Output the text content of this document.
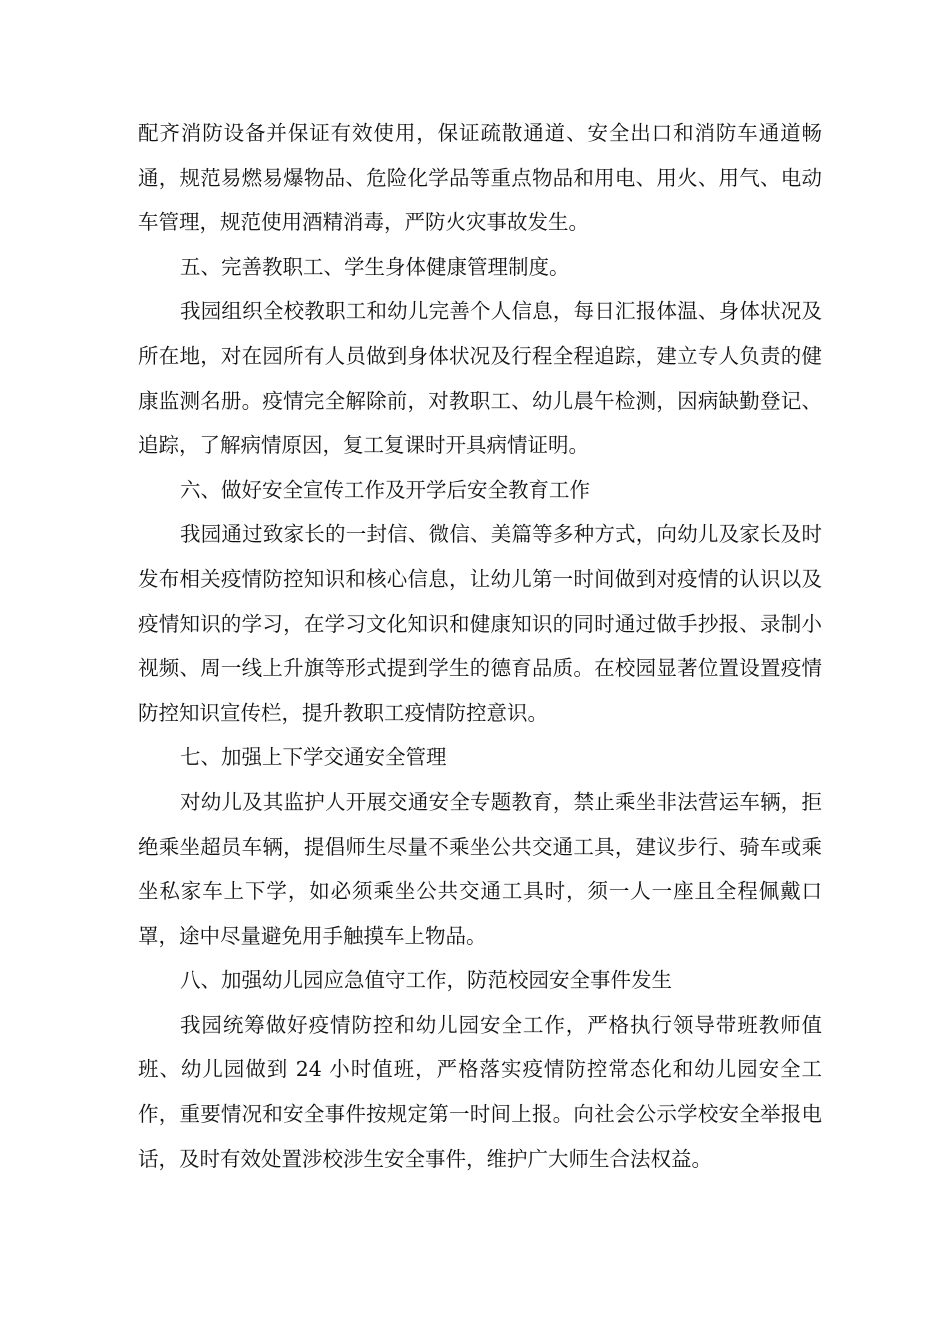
配齐消防设备并保证有效使用，保证疏散通道、安全出口和消防车通道畅通，规范易燃易爆物品、危险化学品等重点物品和用电、用火、用气、电动车管理，规范使用酒精消毒，严防火灾事故发生。

五、完善教职工、学生身体健康管理制度。

我园组织全校教职工和幼儿完善个人信息，每日汇报体温、身体状况及所在地，对在园所有人员做到身体状况及行程全程追踪，建立专人负责的健康监测名册。疫情完全解除前，对教职工、幼儿晨午检测，因病缺勤登记、追踪，了解病情原因，复工复课时开具病情证明。

六、做好安全宣传工作及开学后安全教育工作

我园通过致家长的一封信、微信、美篇等多种方式，向幼儿及家长及时发布相关疫情防控知识和核心信息，让幼儿第一时间做到对疫情的认识以及疫情知识的学习，在学习文化知识和健康知识的同时通过做手抄报、录制小视频、周一线上升旗等形式提到学生的德育品质。在校园显著位置设置疫情防控知识宣传栏，提升教职工疫情防控意识。

七、加强上下学交通安全管理

对幼儿及其监护人开展交通安全专题教育，禁止乘坐非法营运车辆，拒绝乘坐超员车辆，提倡师生尽量不乘坐公共交通工具，建议步行、骑车或乘坐私家车上下学，如必须乘坐公共交通工具时，须一人一座且全程佩戴口罩，途中尽量避免用手触摸车上物品。

八、加强幼儿园应急值守工作，防范校园安全事件发生

我园统筹做好疫情防控和幼儿园安全工作，严格执行领导带班教师值班、幼儿园做到 24 小时值班，严格落实疫情防控常态化和幼儿园安全工作，重要情况和安全事件按规定第一时间上报。向社会公示学校安全举报电话，及时有效处置涉校涉生安全事件，维护广大师生合法权益。
